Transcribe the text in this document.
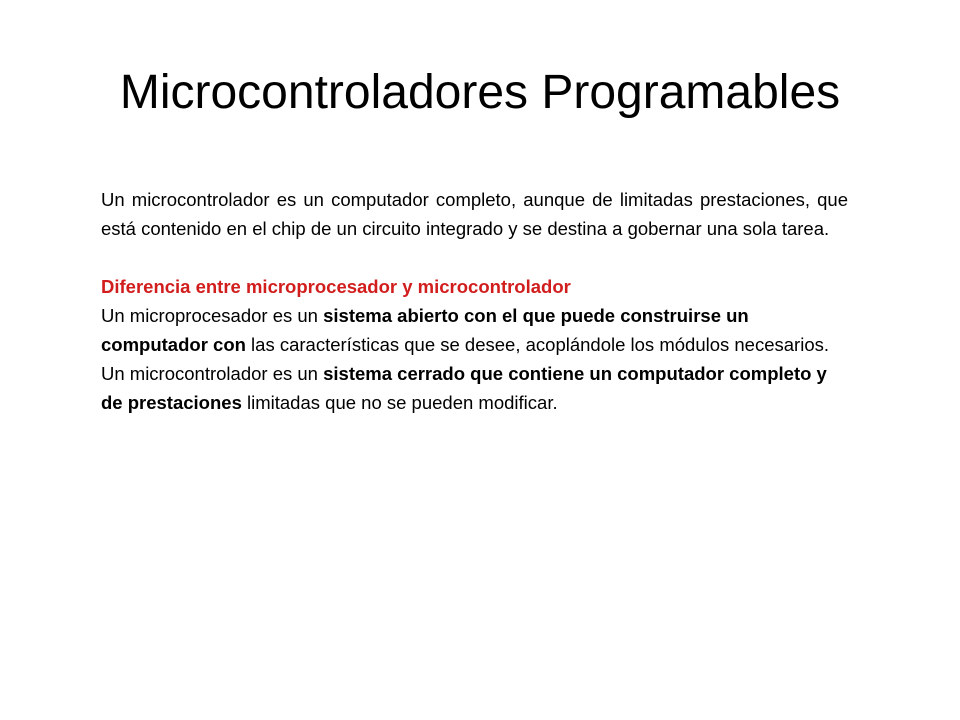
Microcontroladores Programables

Un microcontrolador es un computador completo, aunque de limitadas prestaciones, que está contenido en el chip de un circuito integrado y se destina a gobernar una sola tarea.

Diferencia entre microprocesador y microcontrolador

Un microprocesador es un sistema abierto con el que puede construirse un computador con las características que se desee, acoplándole los módulos necesarios.

Un microcontrolador es un sistema cerrado que contiene un computador completo y de prestaciones limitadas que no se pueden modificar.
